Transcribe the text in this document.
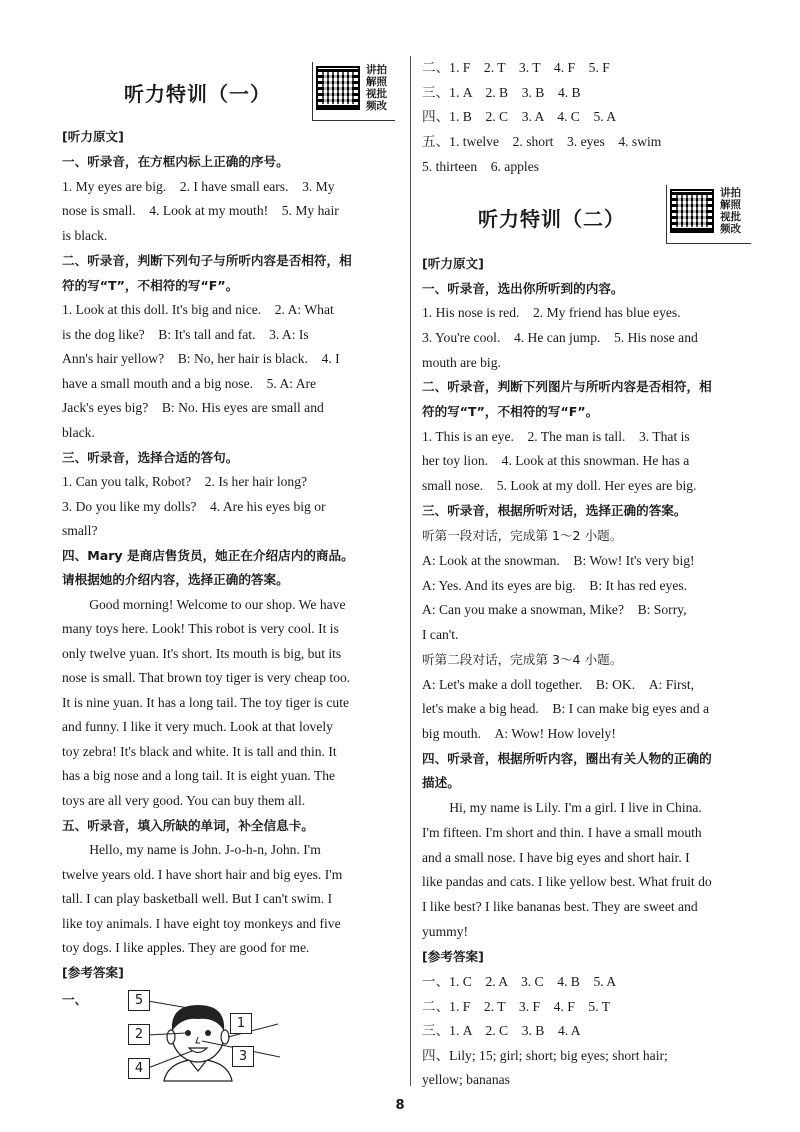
听力特训（一）
讲拍解照视批频改
[听力原文]
一、听录音，在方框内标上正确的序号。
1. My eyes are big.　2. I have small ears.　3. My
nose is small.　4. Look at my mouth!　5. My hair
is black.
二、听录音，判断下列句子与所听内容是否相符，相
符的写“T”，不相符的写“F”。
1. Look at this doll. It's big and nice.　2. A: What
is the dog like?　B: It's tall and fat.　3. A: Is
Ann's hair yellow?　B: No, her hair is black.　4. I
have a small mouth and a big nose.　5. A: Are
Jack's eyes big?　B: No. His eyes are small and
black.
三、听录音，选择合适的答句。
1. Can you talk, Robot?　2. Is her hair long?
3. Do you like my dolls?　4. Are his eyes big or
small?
四、Mary 是商店售货员，她正在介绍店内的商品。
请根据她的介绍内容，选择正确的答案。
Good morning! Welcome to our shop. We have
many toys here. Look! This robot is very cool. It is
only twelve yuan. It's short. Its mouth is big, but its
nose is small. That brown toy tiger is very cheap too.
It is nine yuan. It has a long tail. The toy tiger is cute
and funny. I like it very much. Look at that lovely
toy zebra! It's black and white. It is tall and thin. It
has a big nose and a long tail. It is eight yuan. The
toys are all very good. You can buy them all.
五、听录音，填入所缺的单词，补全信息卡。
Hello, my name is John. J-o-h-n, John. I'm
twelve years old. I have short hair and big eyes. I'm
tall. I can play basketball well. But I can't swim. I
like toy animals. I have eight toy monkeys and five
toy dogs. I like apples. They are good for me.
[参考答案]
一、	5
2
4
1
3
二、1. F　2. T　3. T　4. F　5. F
三、1. A　2. B　3. B　4. B
四、1. B　2. C　3. A　4. C　5. A
五、1. twelve　2. short　3. eyes　4. swim
5. thirteen　6. apples
听力特训（二）
讲拍解照视批频改
[听力原文]
一、听录音，选出你所听到的内容。
1. His nose is red.　2. My friend has blue eyes.
3. You're cool.　4. He can jump.　5. His nose and
mouth are big.
二、听录音，判断下列图片与所听内容是否相符，相
符的写“T”，不相符的写“F”。
1. This is an eye.　2. The man is tall.　3. That is
her toy lion.　4. Look at this snowman. He has a
small nose.　5. Look at my doll. Her eyes are big.
三、听录音，根据所听对话，选择正确的答案。
听第一段对话，完成第 1～2 小题。
A: Look at the snowman.　B: Wow! It's very big!
A: Yes. And its eyes are big.　B: It has red eyes.
A: Can you make a snowman, Mike?　B: Sorry,
I can't.
听第二段对话，完成第 3～4 小题。
A: Let's make a doll together.　B: OK.　A: First,
let's make a big head.　B: I can make big eyes and a
big mouth.　A: Wow! How lovely!
四、听录音，根据所听内容，圈出有关人物的正确的
描述。
Hi, my name is Lily. I'm a girl. I live in China.
I'm fifteen. I'm short and thin. I have a small mouth
and a small nose. I have big eyes and short hair. I
like pandas and cats. I like yellow best. What fruit do
I like best? I like bananas best. They are sweet and
yummy!
[参考答案]
一、1. C　2. A　3. C　4. B　5. A
二、1. F　2. T　3. F　4. F　5. T
三、1. A　2. C　3. B　4. A
四、Lily; 15; girl; short; big eyes; short hair;
yellow; bananas
8
